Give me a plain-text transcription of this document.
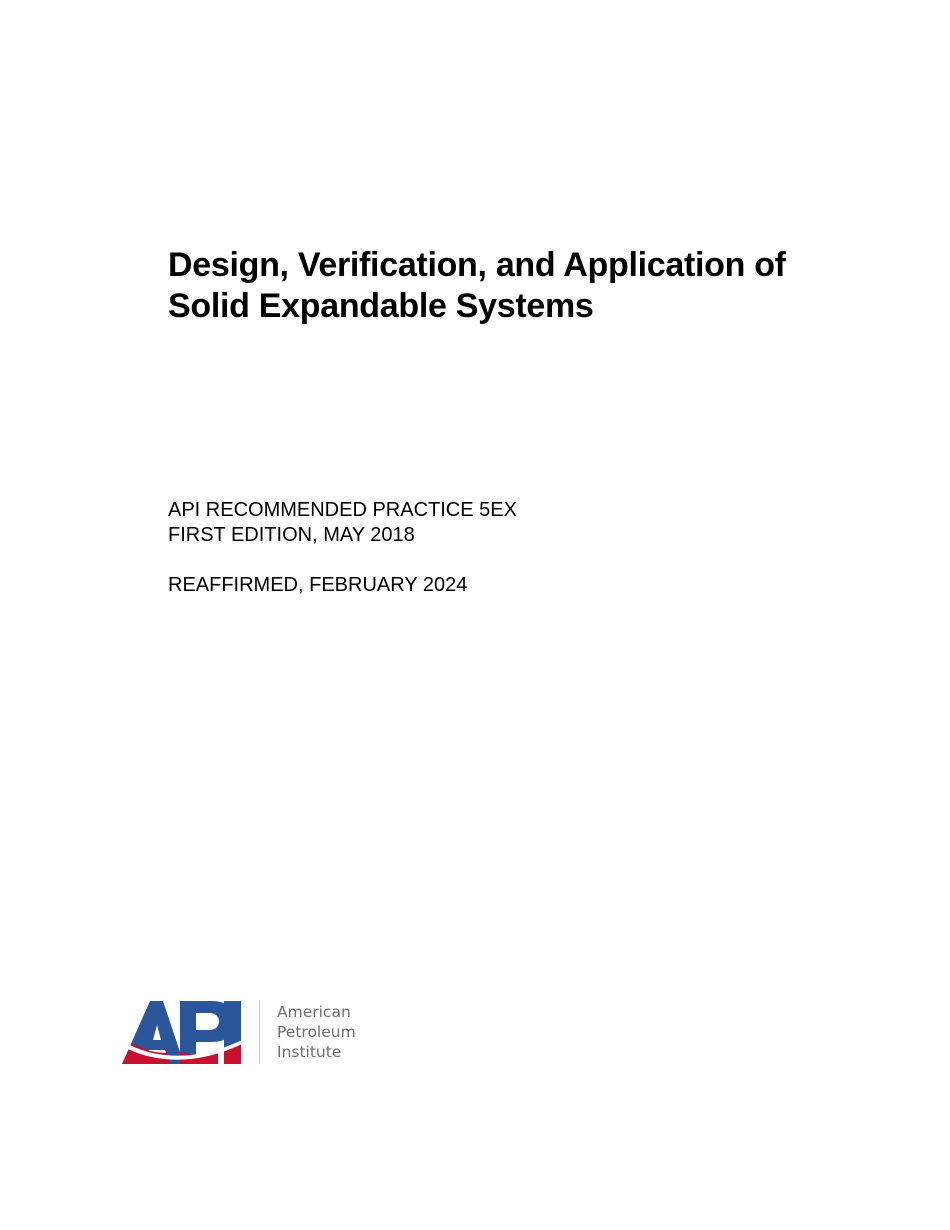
Design, Verification, and Application of
Solid Expandable Systems
API RECOMMENDED PRACTICE 5EX
FIRST EDITION, MAY 2018
REAFFIRMED, FEBRUARY 2024
American
Petroleum
Institute
